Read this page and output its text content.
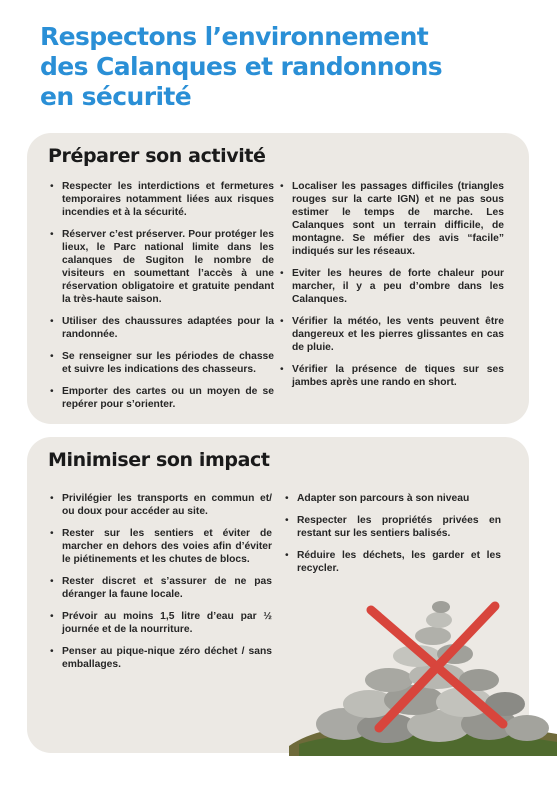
Respectons l’environnement
des Calanques et randonnons
en sécurité
Préparer son activité
• Respecter les interdictions et fermetures temporaires notamment liées aux risques incendies et à la sécurité.
• Réserver c’est préserver. Pour protéger les lieux, le Parc national limite dans les calanques de Sugiton le nombre de visiteurs en soumettant l’accès à une réservation obligatoire et gratuite pendant la très-haute saison.
• Utiliser des chaussures adaptées pour la randonnée.
• Se renseigner sur les périodes de chasse et suivre les indications des chasseurs.
• Emporter des cartes ou un moyen de se repérer pour s’orienter.
• Localiser les passages difficiles (triangles rouges sur la carte IGN) et ne pas sous estimer le temps de marche. Les Calanques sont un terrain difficile, de montagne. Se méfier des avis “facile” indiqués sur les réseaux.
• Eviter les heures de forte chaleur pour marcher, il y a peu d’ombre dans les Calanques.
• Vérifier la météo, les vents peuvent être dangereux et les pierres glissantes en cas de pluie.
• Vérifier la présence de tiques sur ses jambes après une rando en short.
Minimiser son impact
• Privilégier les transports en commun et/ ou doux pour accéder au site.
• Rester sur les sentiers et éviter de marcher en dehors des voies afin d’éviter le piétinements et les chutes de blocs.
• Rester discret et s’assurer de ne pas déranger la faune locale.
• Prévoir au moins 1,5 litre d’eau par ½ journée et de la nourriture.
• Penser au pique-nique zéro déchet / sans emballages.
• Adapter son parcours à son niveau
• Respecter les propriétés privées en restant sur les sentiers balisés.
• Réduire les déchets, les garder et les recycler.
